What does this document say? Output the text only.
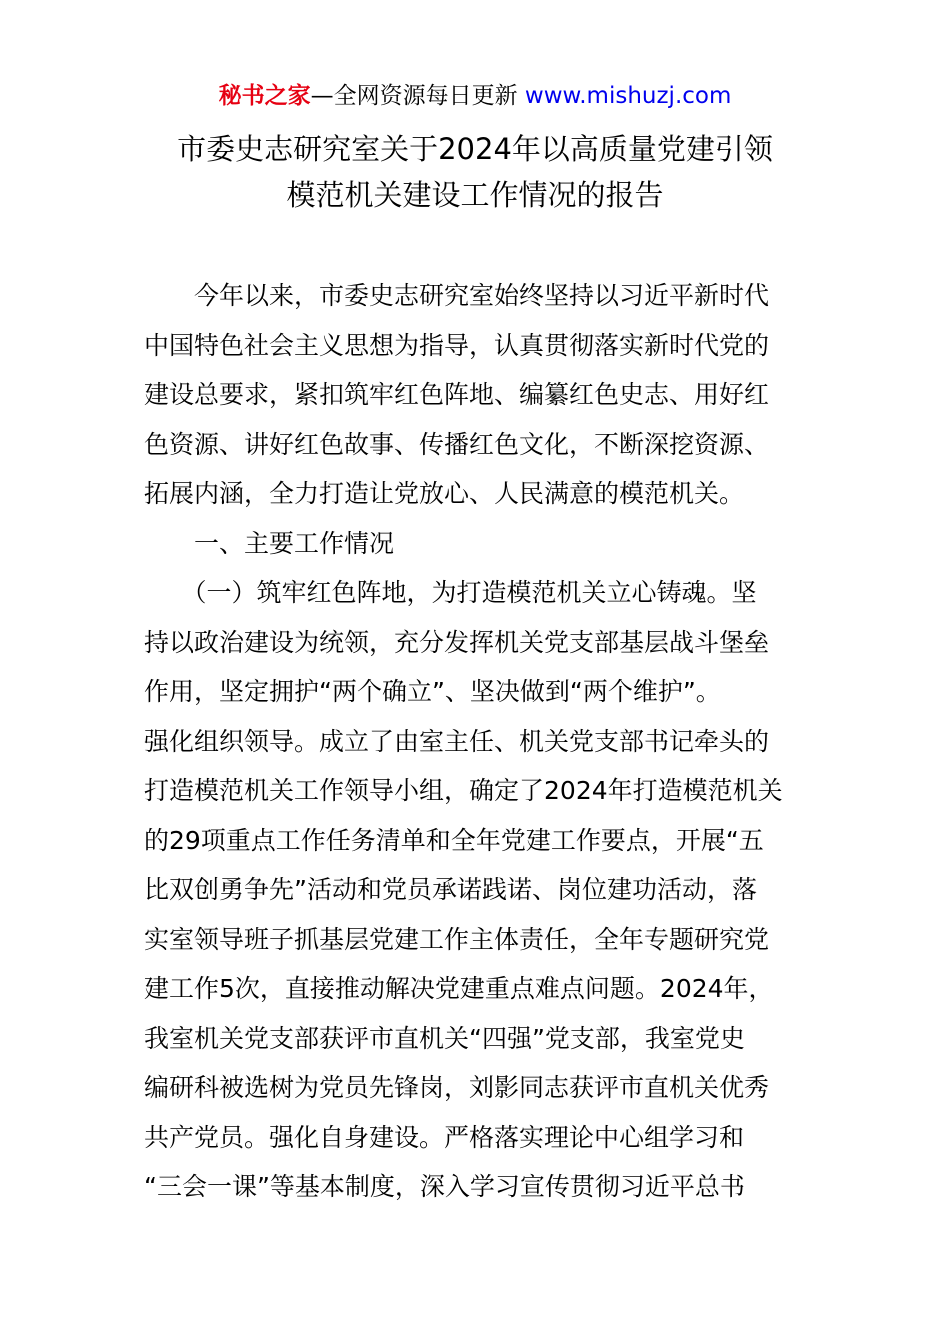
秘书之家—全网资源每日更新 www.mishuzj.com
市委史志研究室关于2024年以高质量党建引领
模范机关建设工作情况的报告
　　今年以来，市委史志研究室始终坚持以习近平新时代
中国特色社会主义思想为指导，认真贯彻落实新时代党的
建设总要求，紧扣筑牢红色阵地、编纂红色史志、用好红
色资源、讲好红色故事、传播红色文化，不断深挖资源、
拓展内涵，全力打造让党放心、人民满意的模范机关。
　　一、主要工作情况
　　（一）筑牢红色阵地，为打造模范机关立心铸魂。坚
持以政治建设为统领，充分发挥机关党支部基层战斗堡垒
作用，坚定拥护“两个确立”、坚决做到“两个维护”。
强化组织领导。成立了由室主任、机关党支部书记牵头的
打造模范机关工作领导小组，确定了2024年打造模范机关
的29项重点工作任务清单和全年党建工作要点，开展“五
比双创勇争先”活动和党员承诺践诺、岗位建功活动，落
实室领导班子抓基层党建工作主体责任，全年专题研究党
建工作5次，直接推动解决党建重点难点问题。2024年，
我室机关党支部获评市直机关“四强”党支部，我室党史
编研科被选树为党员先锋岗，刘影同志获评市直机关优秀
共产党员。强化自身建设。严格落实理论中心组学习和
“三会一课”等基本制度，深入学习宣传贯彻习近平总书
